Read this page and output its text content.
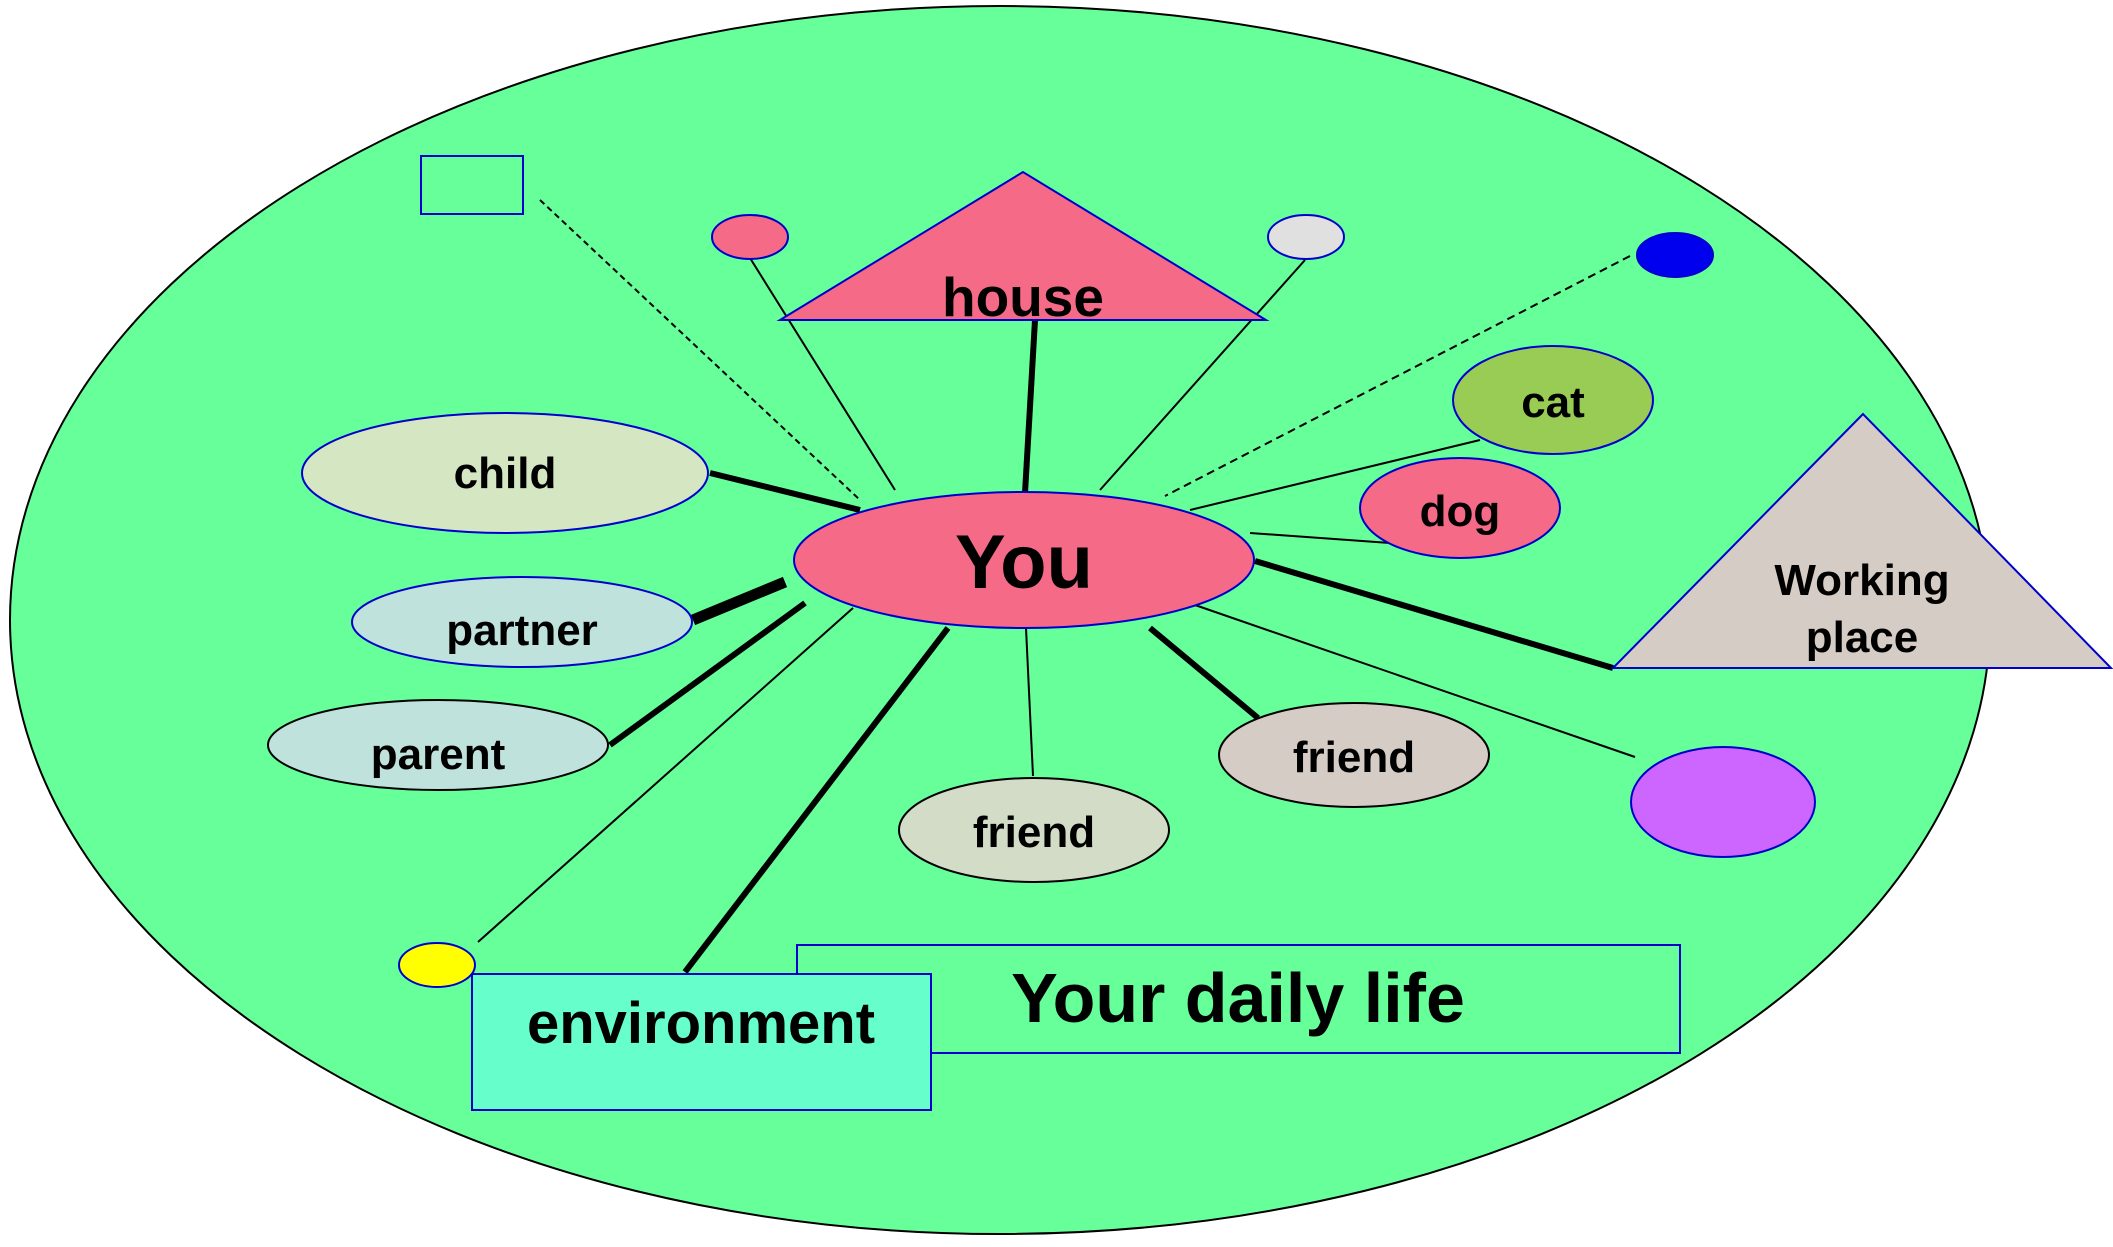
house
Working
place
child
partner
parent
friend
friend
dog
cat
You
Your daily life
environment
